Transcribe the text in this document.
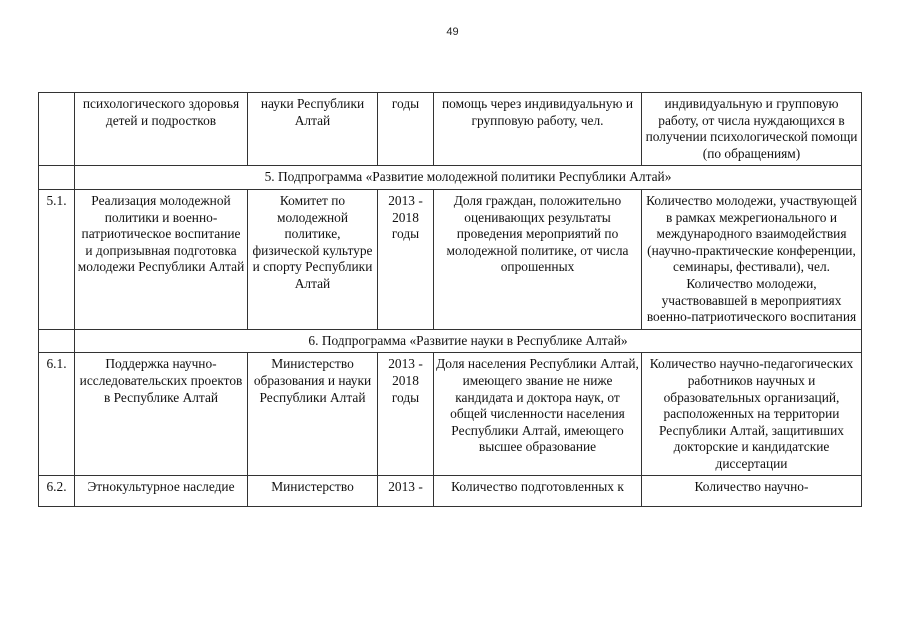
49
	психологического здоровья детей и подростков	науки Республики Алтай	годы	помощь через индивидуальную и групповую работу, чел.	индивидуальную и групповую работу, от числа нуждающихся в получении психологической помощи (по обращениям)
	5. Подпрограмма «Развитие молодежной политики Республики Алтай»				
5.1.	Реализация молодежной политики и военно-патриотическое воспитание и допризывная подготовка молодежи Республики Алтай	Комитет по молодежной политике, физической культуре и спорту Республики Алтай	2013 - 2018 годы	Доля граждан, положительно оценивающих результаты проведения мероприятий по молодежной политике, от числа опрошенных	Количество молодежи, участвующей в рамках межрегионального и международного взаимодействия (научно-практические конференции, семинары, фестивали), чел. Количество молодежи, участвовавшей в мероприятиях военно-патриотического воспитания
	6. Подпрограмма «Развитие науки в Республике Алтай»				
6.1.	Поддержка научно-исследовательских проектов в Республике Алтай	Министерство образования и науки Республики Алтай	2013 - 2018 годы	Доля населения Республики Алтай, имеющего звание не ниже кандидата и доктора наук, от общей численности населения Республики Алтай, имеющего высшее образование	Количество научно-педагогических работников научных и образовательных организаций, расположенных на территории Республики Алтай, защитивших докторские и кандидатские диссертации
6.2.	Этнокультурное наследие	Министерство	2013 -	Количество подготовленных к	Количество научно-
